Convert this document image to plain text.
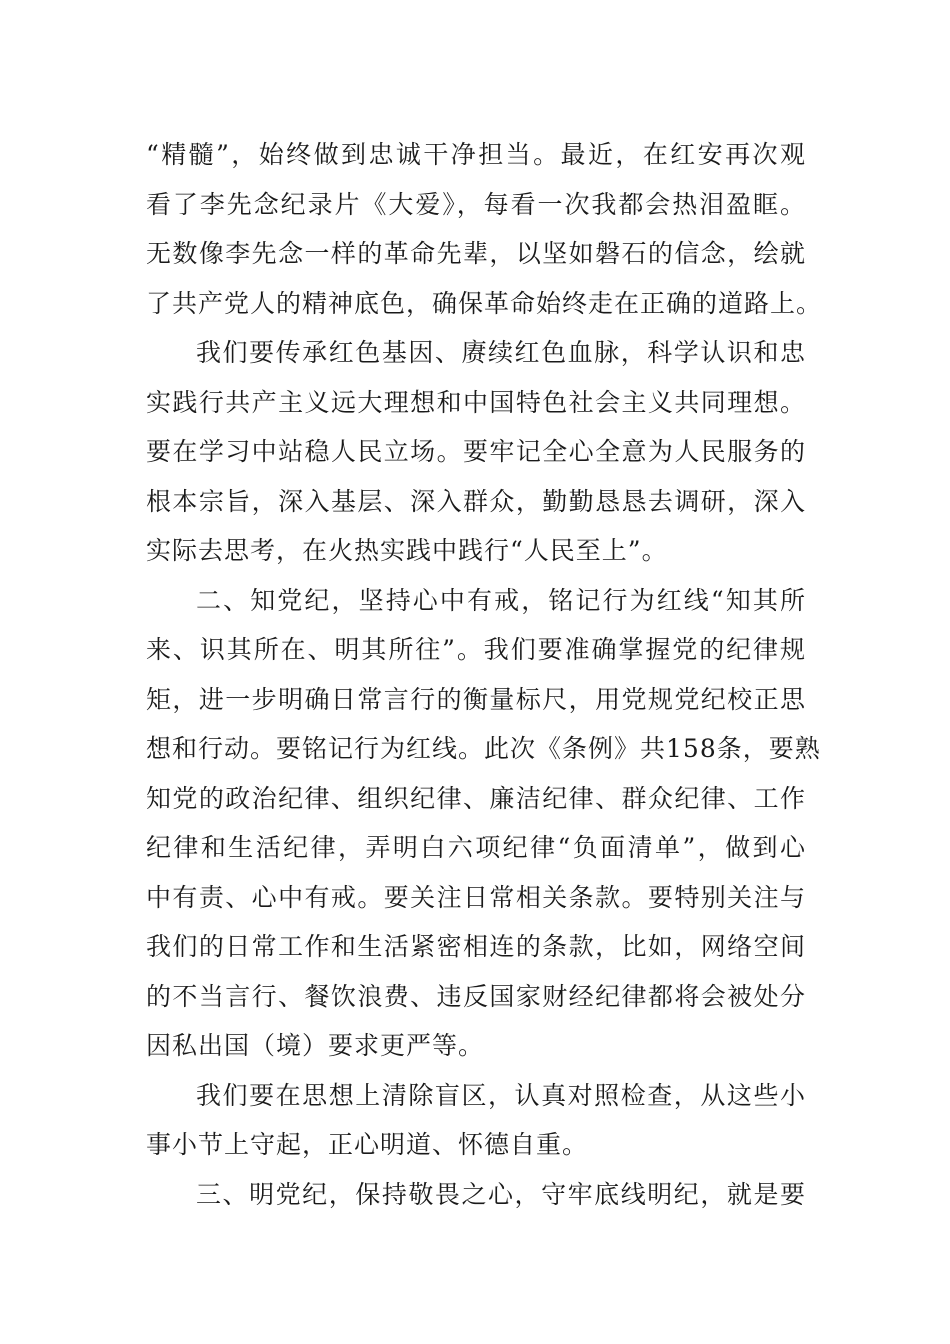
“精髓”，始终做到忠诚干净担当。最近，在红安再次观
看了李先念纪录片《大爱》，每看一次我都会热泪盈眶。
无数像李先念一样的革命先辈，以坚如磐石的信念，绘就
了共产党人的精神底色，确保革命始终走在正确的道路上。
我们要传承红色基因、赓续红色血脉，科学认识和忠
实践行共产主义远大理想和中国特色社会主义共同理想。
要在学习中站稳人民立场。要牢记全心全意为人民服务的
根本宗旨，深入基层、深入群众，勤勤恳恳去调研，深入
实际去思考，在火热实践中践行“人民至上”。
二、知党纪，坚持心中有戒，铭记行为红线“知其所
来、识其所在、明其所往”。我们要准确掌握党的纪律规
矩，进一步明确日常言行的衡量标尺，用党规党纪校正思
想和行动。要铭记行为红线。此次《条例》共158条，要熟
知党的政治纪律、组织纪律、廉洁纪律、群众纪律、工作
纪律和生活纪律，弄明白六项纪律“负面清单”，做到心
中有责、心中有戒。要关注日常相关条款。要特别关注与
我们的日常工作和生活紧密相连的条款，比如，网络空间
的不当言行、餐饮浪费、违反国家财经纪律都将会被处分
因私出国（境）要求更严等。
我们要在思想上清除盲区，认真对照检查，从这些小
事小节上守起，正心明道、怀德自重。
三、明党纪，保持敬畏之心，守牢底线明纪，就是要
